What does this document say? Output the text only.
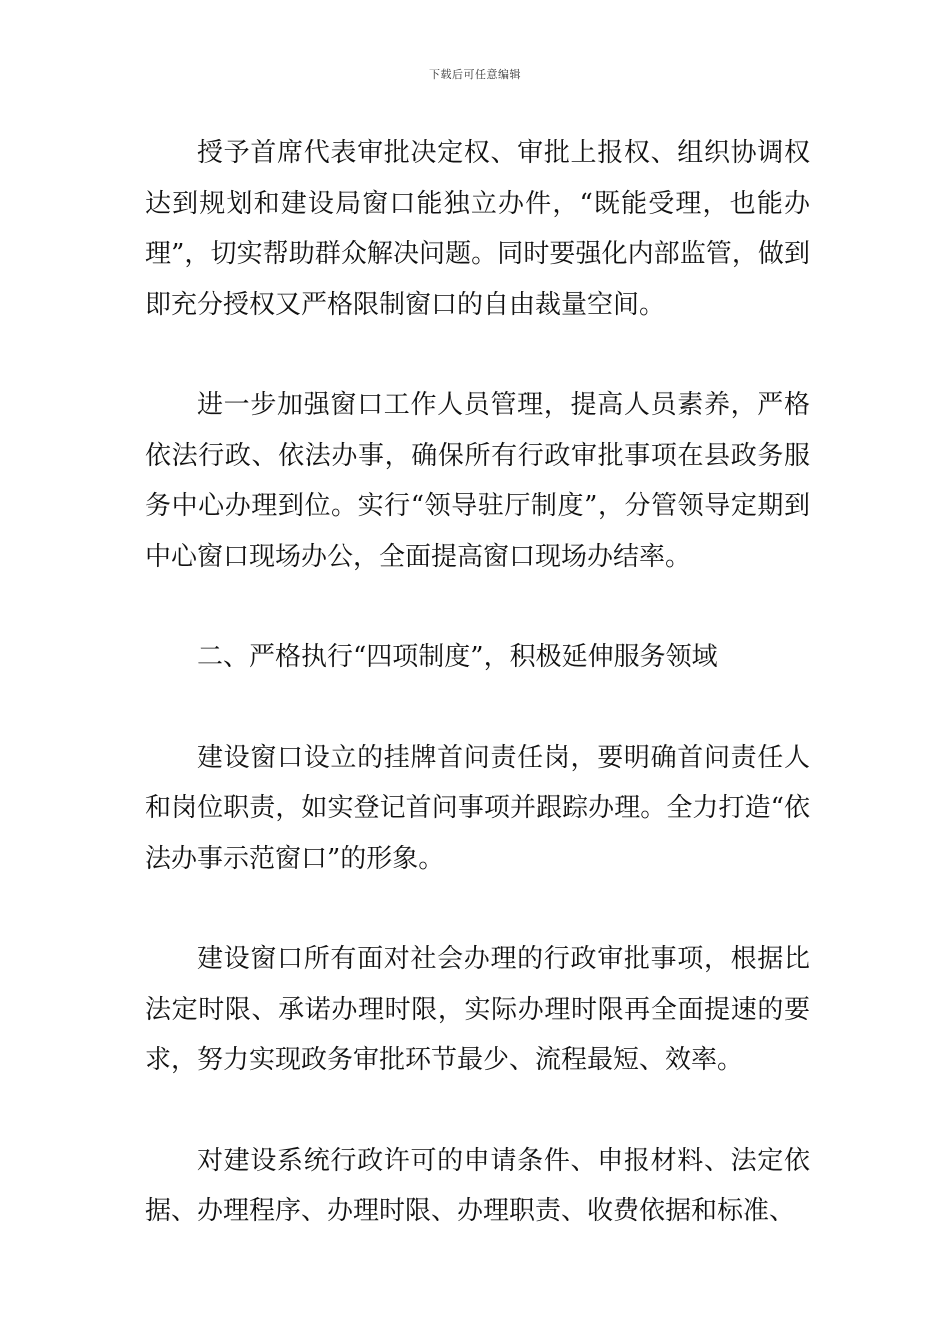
下载后可任意编辑

授予首席代表审批决定权、审批上报权、组织协调权达到规划和建设局窗口能独立办件，“既能受理，也能办理”，切实帮助群众解决问题。同时要强化内部监管，做到即充分授权又严格限制窗口的自由裁量空间。

进一步加强窗口工作人员管理，提高人员素养，严格依法行政、依法办事，确保所有行政审批事项在县政务服务中心办理到位。实行“领导驻厅制度”，分管领导定期到中心窗口现场办公，全面提高窗口现场办结率。

二、严格执行“四项制度”，积极延伸服务领域

建设窗口设立的挂牌首问责任岗，要明确首问责任人和岗位职责，如实登记首问事项并跟踪办理。全力打造“依法办事示范窗口”的形象。

建设窗口所有面对社会办理的行政审批事项，根据比法定时限、承诺办理时限，实际办理时限再全面提速的要求，努力实现政务审批环节最少、流程最短、效率。

对建设系统行政许可的申请条件、申报材料、法定依据、办理程序、办理时限、办理职责、收费依据和标准、
